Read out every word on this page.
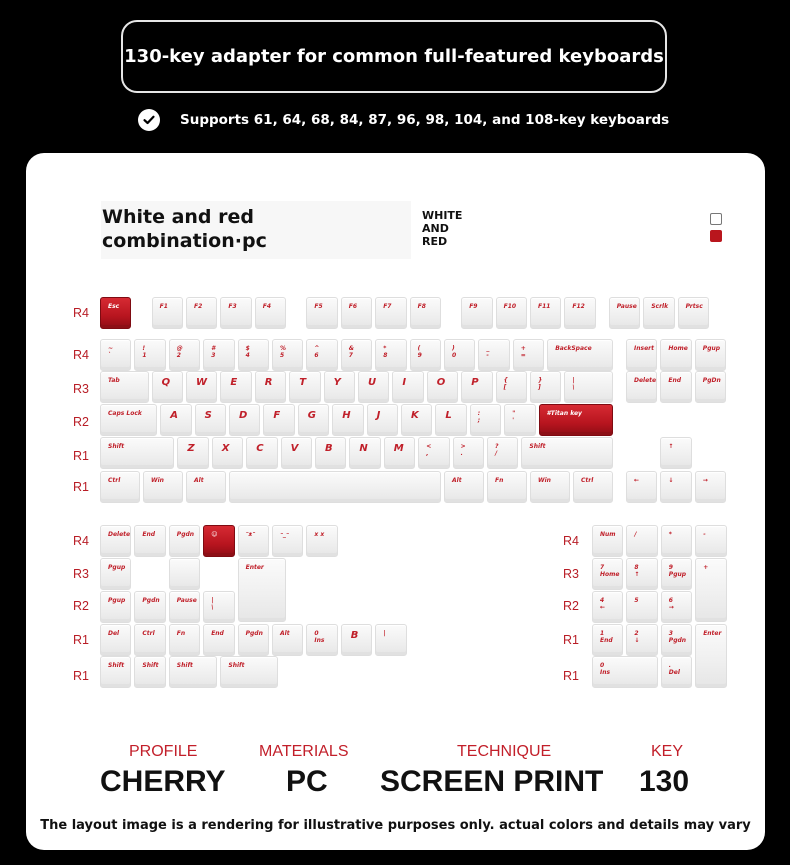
130-key adapter for common full-featured keyboards
Supports 61, 64, 68, 84, 87, 96, 98, 104, and 108-key keyboards
White and red
combination·pc
WHITE
AND
RED
R4
R4
R3
R2
R1
R1
R4
R3
R2
R1
R1
R4
R3
R2
R1
R1
Esc	F1	F2	F3	F4	F5	F6	F7	F8	F9	F10	F11	F12	Pause Scrlk	Prtsc
~
`
!
1
@
2
#
3
$
4
%
5
^
6
&
7
*
8
(
9
)
0
_
-
+
=
BackSpace	Insert Home Pgup
Tab	Q	W E	R	T	Y	U	I	O	P	{
[
}
]
|
\
Delete End	PgDn
Caps Lock	A	S	D	F	G	H	J	K	L	:
;
"
'
#Titan key
Shift	Z	X	C	V	B	N	M	<
,
>
.
?
/
Shift	↑
Ctrl	Win	Alt	Alt	Fn	Win	Ctrl	←	↓	→
Delete End	Pgdn	☺	ᵔᴥᵔ	ᵕ_ᵕ	x x
Pgup	Enter
Pgup	Pgdn	Pause |
\
Del	Ctrl	Fn	End	Pgdn	Alt	0
Ins	B	|
Shift	Shift	Shift	Shift
Num	/	*	-
7
Home
8
↑
9
Pgup
+
4
←
5	6
→
1
End
2
↓
3
Pgdn
Enter
0
Ins
.
Del
PROFILE
CHERRY
MATERIALS
PC
TECHNIQUE
SCREEN PRINT
KEY
130
The layout image is a rendering for illustrative purposes only. actual colors and details may vary
